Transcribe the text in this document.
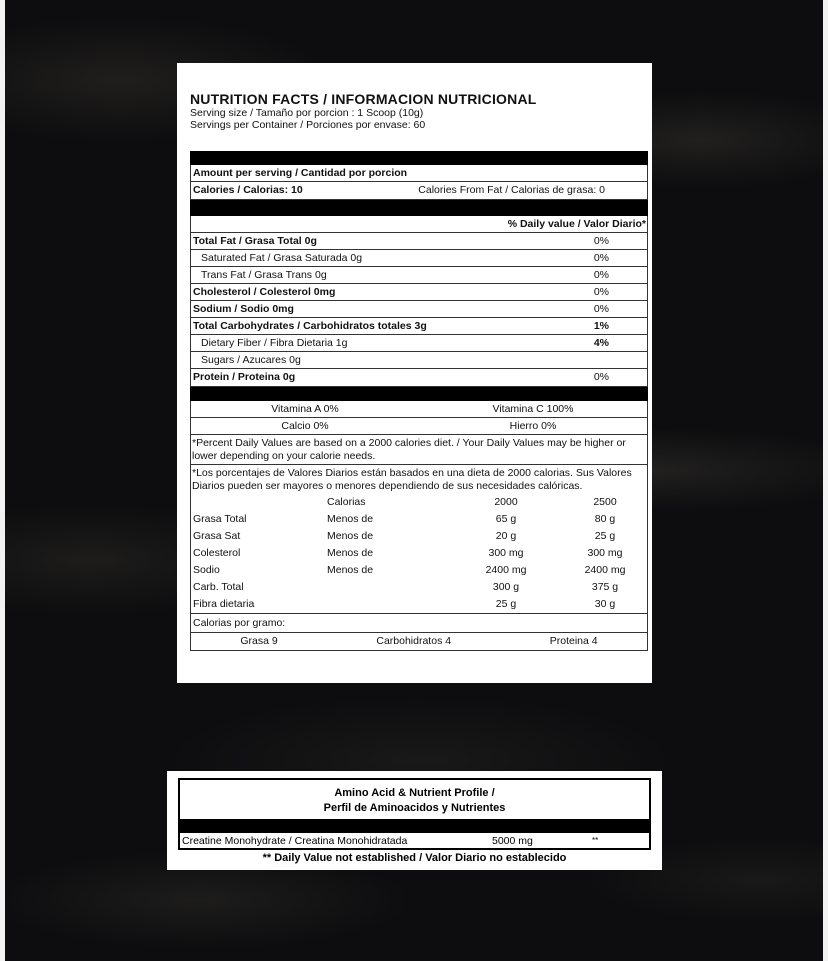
NUTRITION FACTS / INFORMACION NUTRICIONAL
Serving size / Tamaño por porcion : 1 Scoop (10g)
Servings per Container / Porciones por envase: 60
Amount per serving / Cantidad por porcion
Calories / Calorias: 10	Calories From Fat / Calorias de grasa: 0
% Daily value / Valor Diario*
Total Fat / Grasa Total 0g	0%
Saturated Fat / Grasa Saturada 0g	0%
Trans Fat / Grasa Trans 0g	0%
Cholesterol / Colesterol 0mg	0%
Sodium / Sodio 0mg	0%
Total Carbohydrates / Carbohidratos totales 3g	1%
Dietary Fiber / Fibra Dietaria 1g	4%
Sugars / Azucares 0g
Protein / Proteina 0g	0%
Vitamina A 0%	Vitamina C 100%
Calcio 0%	Hierro 0%
*Percent Daily Values are based on a 2000 calories diet. / Your Daily Values may be higher or lower depending on your calorie needs.
*Los porcentajes de Valores Diarios están basados en una dieta de 2000 calorias. Sus Valores Diarios pueden ser mayores o menores dependiendo de sus necesidades calóricas.
	Calorias	2000	2500
Grasa Total	Menos de	65 g	80 g
Grasa Sat	Menos de	20 g	25 g
Colesterol	Menos de	300 mg	300 mg
Sodio	Menos de	2400 mg	2400 mg
Carb. Total		300 g	375 g
Fibra dietaria		25 g	30 g
Calorias por gramo:
Grasa 9	Carbohidratos 4	Proteina 4
Amino Acid & Nutrient Profile /
Perfil de Aminoacidos y Nutrientes
Creatine Monohydrate / Creatina Monohidratada	5000 mg	**
** Daily Value not established / Valor Diario no establecido
